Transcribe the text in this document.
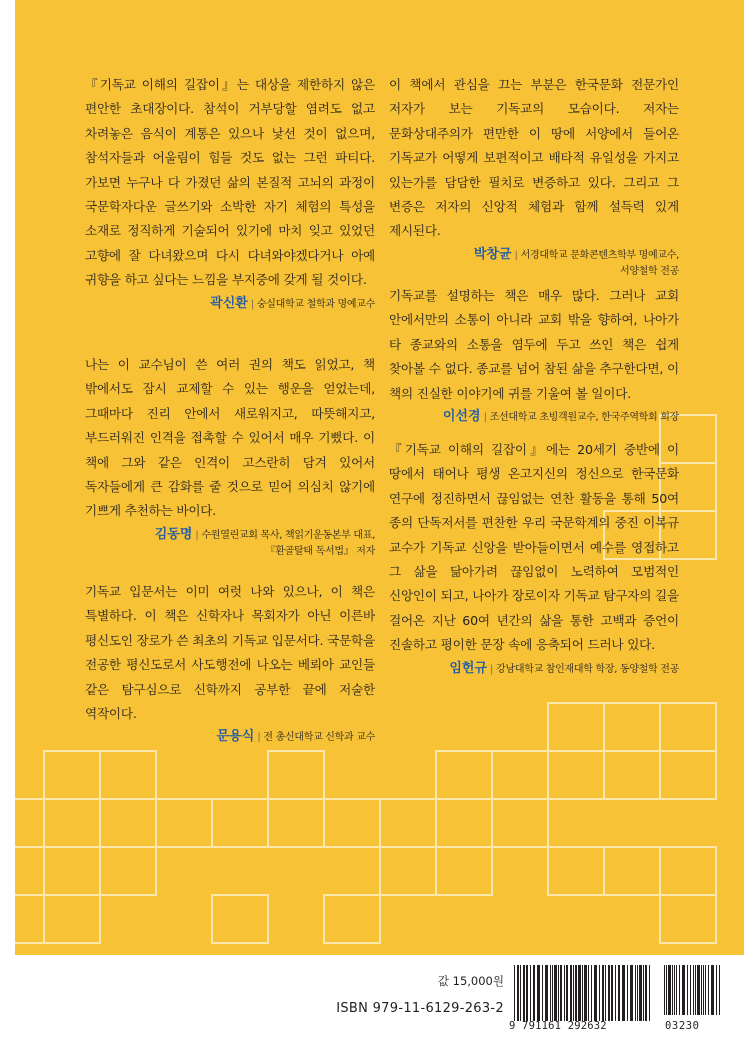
『기독교 이해의 길잡이』는 대상을 제한하지 않은 편안한 초대장이다. 참석이 거부당할 염려도 없고 차려놓은 음식이 계통은 있으나 낯선 것이 없으며, 참석자들과 어울림이 힘들 것도 없는 그런 파티다. 가보면 누구나 다 가졌던 삶의 본질적 고뇌의 과정이 국문학자다운 글쓰기와 소박한 자기 체험의 특성을 소재로 정직하게 기술되어 있기에 마치 잊고 있었던 고향에 잘 다녀왔으며 다시 다녀와야겠다거나 아예 귀향을 하고 싶다는 느낌을 부지중에 갖게 될 것이다.

곽신환 | 숭실대학교 철학과 명예교수

나는 이 교수님이 쓴 여러 권의 책도 읽었고, 책 밖에서도 잠시 교제할 수 있는 행운을 얻었는데, 그때마다 진리 안에서 새로워지고, 따뜻해지고, 부드러워진 인격을 접촉할 수 있어서 매우 기뻤다. 이 책에 그와 같은 인격이 고스란히 담겨 있어서 독자들에게 큰 감화를 줄 것으로 믿어 의심치 않기에 기쁘게 추천하는 바이다.

김동명 | 수원열린교회 목사, 책읽기운동본부 대표,
『환골탈태 독서법』 저자

기독교 입문서는 이미 여럿 나와 있으나, 이 책은 특별하다. 이 책은 신학자나 목회자가 아닌 이른바 평신도인 장로가 쓴 최초의 기독교 입문서다. 국문학을 전공한 평신도로서 사도행전에 나오는 베뢰아 교인들 같은 탐구심으로 신학까지 공부한 끝에 저술한 역작이다.

문용식 | 전 총신대학교 신학과 교수

이 책에서 관심을 끄는 부분은 한국문화 전문가인 저자가 보는 기독교의 모습이다. 저자는 문화상대주의가 편만한 이 땅에 서양에서 들어온 기독교가 어떻게 보편적이고 배타적 유일성을 가지고 있는가를 담담한 필치로 변증하고 있다. 그리고 그 변증은 저자의 신앙적 체험과 함께 설득력 있게 제시된다.

박창균 | 서경대학교 문화콘텐츠학부 명예교수,
서양철학 전공

기독교를 설명하는 책은 매우 많다. 그러나 교회 안에서만의 소통이 아니라 교회 밖을 향하여, 나아가 타 종교와의 소통을 염두에 두고 쓰인 책은 쉽게 찾아볼 수 없다. 종교를 넘어 참된 삶을 추구한다면, 이 책의 진실한 이야기에 귀를 기울여 볼 일이다.

이선경 | 조선대학교 초빙객원교수, 한국주역학회 회장

『기독교 이해의 길잡이』에는 20세기 중반에 이 땅에서 태어나 평생 온고지신의 정신으로 한국문화 연구에 정진하면서 끊임없는 연찬 활동을 통해 50여 종의 단독저서를 편찬한 우리 국문학계의 중진 이복규 교수가 기독교 신앙을 받아들이면서 예수를 영접하고 그 삶을 닮아가려 끊임없이 노력하여 모범적인 신앙인이 되고, 나아가 장로이자 기독교 탐구자의 길을 걸어온 지난 60여 년간의 삶을 통한 고백과 증언이 진솔하고 평이한 문장 속에 응축되어 드러나 있다.

임헌규 | 강남대학교 참인재대학 학장, 동양철학 전공
값 15,000원
ISBN 979-11-6129-263-2
9 791161 292632	03230
